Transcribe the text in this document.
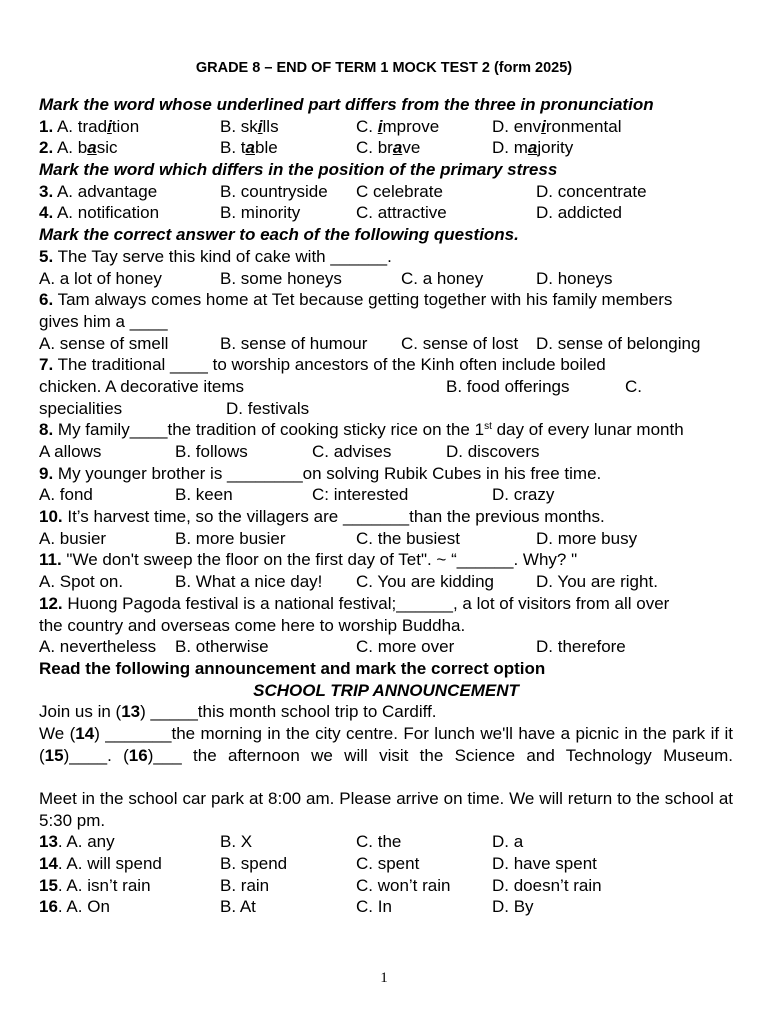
GRADE 8 – END OF TERM 1 MOCK TEST 2 (form 2025)
Mark the word whose underlined part differs from the three in pronunciation
1. A. tradition	B. skills	C. improve	D. environmental
2. A. basic	B. table	C. brave	D. majority
Mark the word which differs in the position of the primary stress
3. A. advantage	B. countryside C celebrate	D. concentrate
4. A. notification	B. minority	C. attractive	D. addicted
Mark the correct answer to each of the following questions.
5. The Tay serve this kind of cake with ______.
A. a lot of honey	B. some honeys	C. a honey	D. honeys
6. Tam always comes home at Tet because getting together with his family members
gives him a ____
A. sense of smell	B. sense of humour C. sense of lost D. sense of belonging
7. The traditional ____ to worship ancestors of the Kinh often include boiled
chicken. A decorative items	B. food offerings	C.
specialities	D. festivals
8. My family____the tradition of cooking sticky rice on the 1st day of every lunar month
A allows	B. follows	C. advises	D. discovers
9. My younger brother is ________on solving Rubik Cubes in his free time.
A. fond	B. keen	C: interested	D. crazy
10. It’s harvest time, so the villagers are _______than the previous months.
A. busier	B. more busier	C. the busiest	D. more busy
11. "We don't sweep the floor on the first day of Tet". ~ “______. Why? "
A. Spot on.	B. What a nice day! C. You are kidding D. You are right.
12. Huong Pagoda festival is a national festival;______, a lot of visitors from all over
the country and overseas come here to worship Buddha.
A. nevertheless B. otherwise	C. more over	D. therefore
Read the following announcement and mark the correct option
SCHOOL TRIP ANNOUNCEMENT
Join us in (13) _____this month school trip to Cardiff.
We (14) _______the morning in the city centre. For lunch we'll have a picnic in the park if it (15)____. (16)___ the afternoon we will visit the Science and Technology Museum.
Meet in the school car park at 8:00 am. Please arrive on time. We will return to the school at 5:30 pm.
13. A. any	B. X	C. the	D. a
14. A. will spend	B. spend	C. spent	D. have spent
15. A. isn’t rain	B. rain	C. won’t rain D. doesn’t rain
16. A. On	B. At	C. In	D. By
1
